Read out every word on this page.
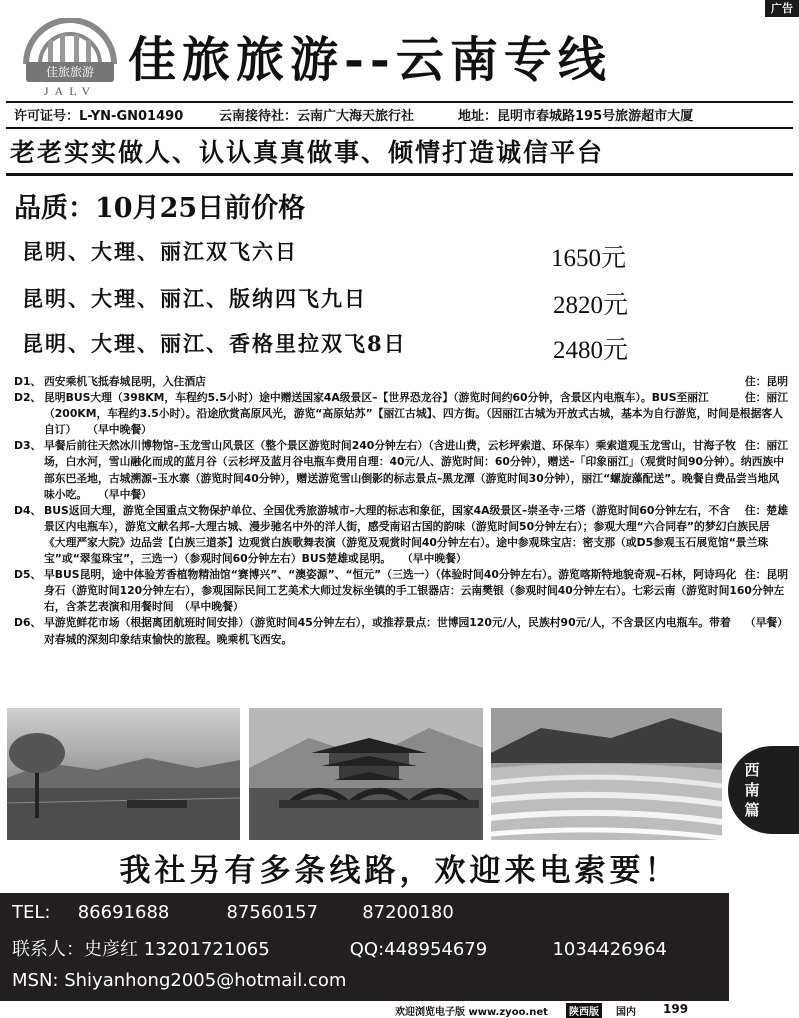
广告
佳旅旅游
JALV
佳旅旅游--云南专线
许可证号：L-YN-GN01490	云南接待社：云南广大海天旅行社	地址：昆明市春城路195号旅游超市大厦
老老实实做人、认认真真做事、倾情打造诚信平台
品质：10月25日前价格
昆明、大理、丽江双飞六日	1650元
昆明、大理、丽江、版纳四飞九日	2820元
昆明、大理、丽江、香格里拉双飞8日	2480元
D1、	住：昆明
西安乘机飞抵春城昆明，入住酒店
D2、	住：丽江
昆明BUS大理（398KM，车程约5.5小时）途中赠送国家4A级景区–【世界恐龙谷】（游览时间约60分钟，含景区内电瓶车）。BUS至丽江（200KM，车程约3.5小时）。沿途欣赏高原风光，游览“高原姑苏”【丽江古城】、四方街。（因丽江古城为开放式古城，基本为自行游览，时间是根据客人自订）　　（早中晚餐）
D3、	住：丽江
早餐后前往天然冰川博物馆–玉龙雪山风景区（整个景区游览时间240分钟左右）（含进山费，云杉坪索道、环保车）乘索道观玉龙雪山，甘海子牧场，白水河，雪山融化而成的蓝月谷（云杉坪及蓝月谷电瓶车费用自理：40元/人、游览时间：60分钟），赠送–「印象丽江」（观赏时间90分钟）。纳西族中部东巴圣地，古城溯源–玉水寨（游览时间40分钟），赠送游览雪山倒影的标志景点–黑龙潭（游览时间30分钟），丽江“螺旋藻配送”。晚餐自费品尝当地风味小吃。　　（早中餐）
D4、	住：楚雄
BUS返回大理，游览全国重点文物保护单位、全国优秀旅游城市–大理的标志和象征，国家4A级景区–崇圣寺·三塔（游览时间60分钟左右，不含景区内电瓶车），游览文献名邦–大理古城、漫步驰名中外的洋人街，感受南诏古国的韵味（游览时间50分钟左右）；参观大理“六合同春”的梦幻白族民居《大理严家大院》边品尝【白族三道茶】边观赏白族歌舞表演（游览及观赏时间40分钟左右）。途中参观珠宝店：密支那（或D5参观玉石展览馆“景兰珠宝”或“翠玺珠宝”，三选一）（参观时间60分钟左右）BUS楚雄或昆明。　　（早中晚餐）
D5、	住：昆明
早BUS昆明，途中体验芳香植物精油馆“赛博兴”、“澳姿源”、“恒元”（三选一）（体验时间40分钟左右）。游览喀斯特地貌奇观–石林，阿诗玛化身石（游览时间120分钟左右），参观国际民间工艺美术大师过发标坐镇的手工银器店：云南樊银（参观时间40分钟左右）。七彩云南（游览时间160分钟左右，含茶艺表演和用餐时间　（早中晚餐）
D6、	（早餐）
早游览鲜花市场（根据离团航班时间安排）（游览时间45分钟左右），或推荐景点：世博园120元/人，民族村90元/人，不含景区内电瓶车。带着对春城的深刻印象结束愉快的旅程。晚乘机飞西安。
西南篇
我社另有多条线路，欢迎来电索要！
TEL: 86691688	87560157 87200180
联系人：史彦红 13201721065	QQ:448954679	1034426964
MSN: Shiyanhong2005@hotmail.com
欢迎浏览电子版 www.zyoo.net	陕西版	国内 199
